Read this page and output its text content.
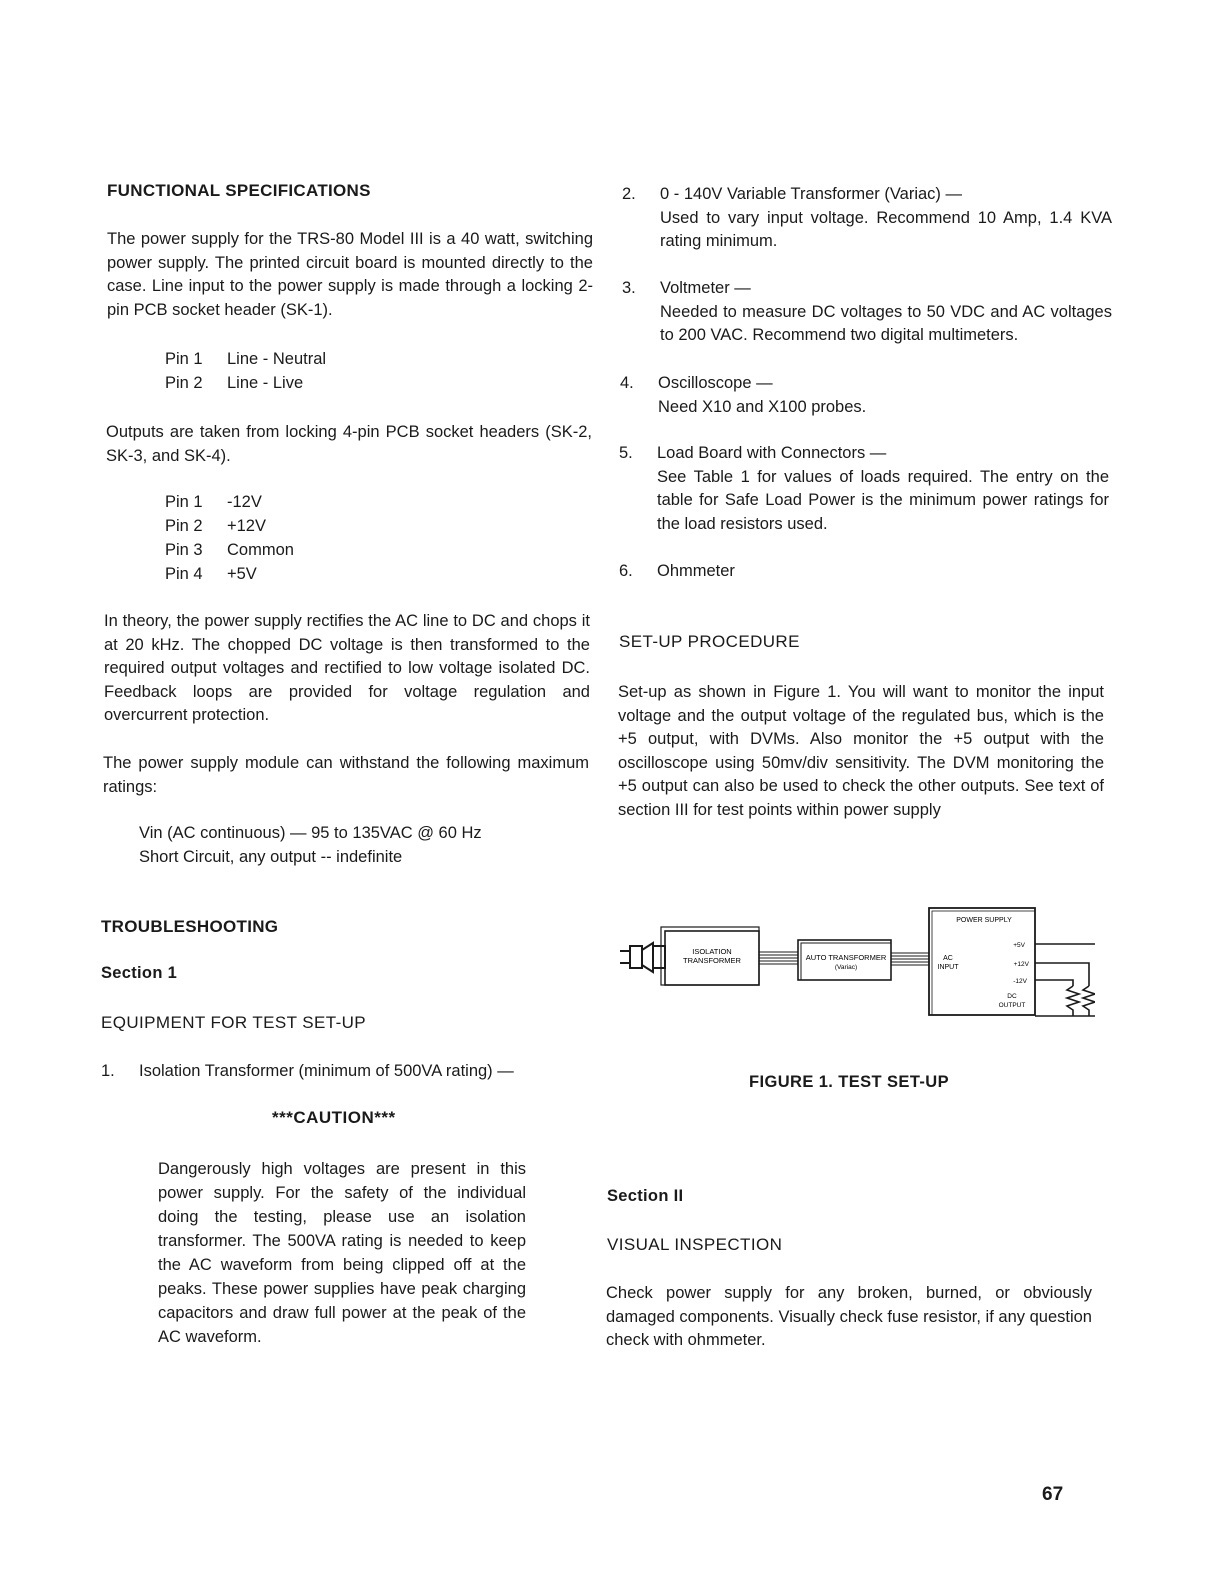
FUNCTIONAL SPECIFICATIONS
The power supply for the TRS-80 Model III is a 40 watt, switching power supply. The printed circuit board is mounted directly to the case. Line input to the power supply is made through a locking 2-pin PCB socket header (SK-1).
Pin 1 Line - Neutral
Pin 2 Line - Live
Outputs are taken from locking 4-pin PCB socket headers (SK-2, SK-3, and SK-4).
Pin 1 -12V
Pin 2 +12V
Pin 3 Common
Pin 4 +5V
In theory, the power supply rectifies the AC line to DC and chops it at 20 kHz. The chopped DC voltage is then transformed to the required output voltages and rectified to low voltage isolated DC. Feedback loops are provided for voltage regulation and overcurrent protection.
The power supply module can withstand the following maximum ratings:
Vin (AC continuous) — 95 to 135VAC @ 60 Hz
Short Circuit, any output -- indefinite
TROUBLESHOOTING
Section 1
EQUIPMENT FOR TEST SET-UP
1. Isolation Transformer (minimum of 500VA rating) —
***CAUTION***
Dangerously high voltages are present in this power supply. For the safety of the individual doing the testing, please use an isolation transformer. The 500VA rating is needed to keep the AC waveform from being clipped off at the peaks. These power supplies have peak charging capacitors and draw full power at the peak of the AC waveform.
2. 0 - 140V Variable Transformer (Variac) —
Used to vary input voltage. Recommend 10 Amp, 1.4 KVA rating minimum.
3. Voltmeter —
Needed to measure DC voltages to 50 VDC and AC voltages to 200 VAC. Recommend two digital multimeters.
4. Oscilloscope —
Need X10 and X100 probes.
5. Load Board with Connectors —
See Table 1 for values of loads required. The entry on the table for Safe Load Power is the minimum power ratings for the load resistors used.
6. Ohmmeter
SET-UP PROCEDURE
Set-up as shown in Figure 1. You will want to monitor the input voltage and the output voltage of the regulated bus, which is the +5 output, with DVMs. Also monitor the +5 output with the oscilloscope using 50mv/div sensitivity. The DVM monitoring the +5 output can also be used to check the other outputs. See text of section III for test points within power supply
ISOLATION
TRANSFORMER	AUTO TRANSFORMER
(Variac)
POWER SUPPLY
AC
INPUT
+5V
+12V
-12V
DC
OUTPUT
FIGURE 1. TEST SET-UP
Section II
VISUAL INSPECTION
Check power supply for any broken, burned, or obviously damaged components. Visually check fuse resistor, if any question check with ohmmeter.
67
